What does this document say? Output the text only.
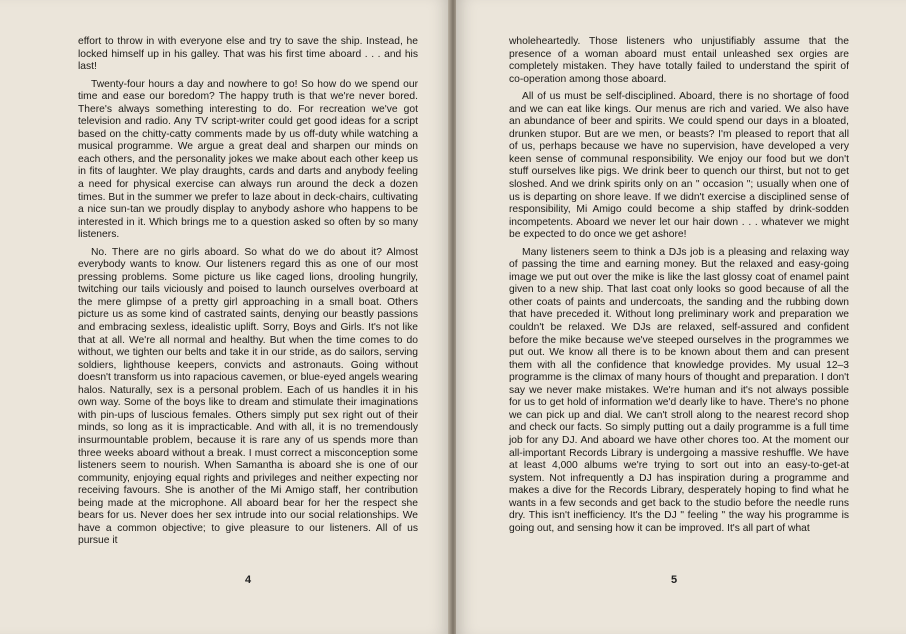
effort to throw in with everyone else and try to save the ship. Instead, he locked himself up in his galley. That was his first time aboard . . . and his last!

Twenty-four hours a day and nowhere to go! So how do we spend our time and ease our boredom? The happy truth is that we're never bored. There's always something interesting to do. For recreation we've got television and radio. Any TV script-writer could get good ideas for a script based on the chitty-catty comments made by us off-duty while watching a musical programme. We argue a great deal and sharpen our minds on each others, and the personality jokes we make about each other keep us in fits of laughter. We play draughts, cards and darts and anybody feeling a need for physical exercise can always run around the deck a dozen times. But in the summer we prefer to laze about in deck-chairs, cultivating a nice sun-tan we proudly display to anybody ashore who happens to be interested in it. Which brings me to a question asked so often by so many listeners.

No. There are no girls aboard. So what do we do about it? Almost everybody wants to know. Our listeners regard this as one of our most pressing problems. Some picture us like caged lions, drooling hungrily, twitching our tails viciously and poised to launch ourselves overboard at the mere glimpse of a pretty girl approaching in a small boat. Others picture us as some kind of castrated saints, denying our beastly passions and embracing sexless, idealistic uplift. Sorry, Boys and Girls. It's not like that at all. We're all normal and healthy. But when the time comes to do without, we tighten our belts and take it in our stride, as do sailors, serving soldiers, lighthouse keepers, convicts and astronauts. Going without doesn't transform us into rapacious cavemen, or blue-eyed angels wearing halos. Naturally, sex is a personal problem. Each of us handles it in his own way. Some of the boys like to dream and stimulate their imaginations with pin-ups of luscious females. Others simply put sex right out of their minds, so long as it is impracticable. And with all, it is no tremendously insurmountable problem, because it is rare any of us spends more than three weeks aboard without a break. I must correct a misconception some listeners seem to nourish. When Samantha is aboard she is one of our community, enjoying equal rights and privileges and neither expecting nor receiving favours. She is another of the Mi Amigo staff, her contribution being made at the microphone. All aboard bear for her the respect she bears for us. Never does her sex intrude into our social relationships. We have a common objective; to give pleasure to our listeners. All of us pursue it

4

wholeheartedly. Those listeners who unjustifiably assume that the presence of a woman aboard must entail unleashed sex orgies are completely mistaken. They have totally failed to understand the spirit of co-operation among those aboard.

All of us must be self-disciplined. Aboard, there is no shortage of food and we can eat like kings. Our menus are rich and varied. We also have an abundance of beer and spirits. We could spend our days in a bloated, drunken stupor. But are we men, or beasts? I'm pleased to report that all of us, perhaps because we have no supervision, have developed a very keen sense of communal responsibility. We enjoy our food but we don't stuff ourselves like pigs. We drink beer to quench our thirst, but not to get sloshed. And we drink spirits only on an " occasion "; usually when one of us is departing on shore leave. If we didn't exercise a disciplined sense of responsibility, Mi Amigo could become a ship staffed by drink-sodden incompetents. Aboard we never let our hair down . . . whatever we might be expected to do once we get ashore!

Many listeners seem to think a DJs job is a pleasing and relaxing way of passing the time and earning money. But the relaxed and easy-going image we put out over the mike is like the last glossy coat of enamel paint given to a new ship. That last coat only looks so good because of all the other coats of paints and undercoats, the sanding and the rubbing down that have preceded it. Without long preliminary work and preparation we couldn't be relaxed. We DJs are relaxed, self-assured and confident before the mike because we've steeped ourselves in the programmes we put out. We know all there is to be known about them and can present them with all the confidence that knowledge provides. My usual 12–3 programme is the climax of many hours of thought and preparation. I don't say we never make mistakes. We're human and it's not always possible for us to get hold of information we'd dearly like to have. There's no phone we can pick up and dial. We can't stroll along to the nearest record shop and check our facts. So simply putting out a daily programme is a full time job for any DJ. And aboard we have other chores too. At the moment our all-important Records Library is undergoing a massive reshuffle. We have at least 4,000 albums we're trying to sort out into an easy-to-get-at system. Not infrequently a DJ has inspiration during a programme and makes a dive for the Records Library, desperately hoping to find what he wants in a few seconds and get back to the studio before the needle runs dry. This isn't inefficiency. It's the DJ " feeling " the way his programme is going out, and sensing how it can be improved. It's all part of what

5
